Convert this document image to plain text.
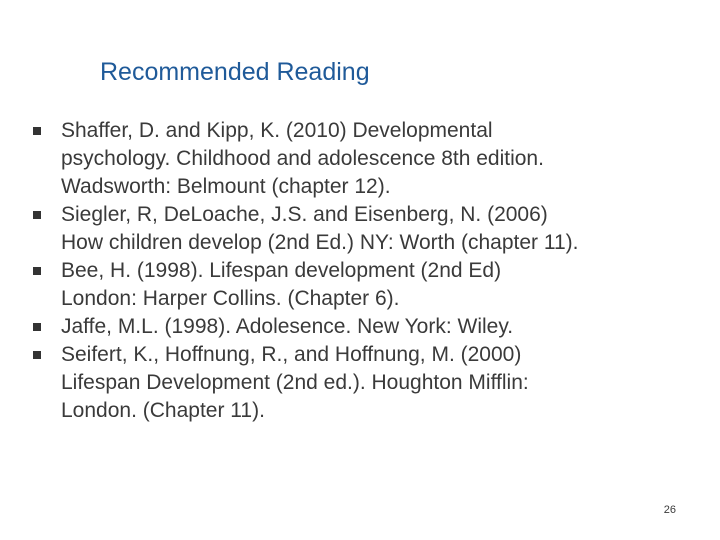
Recommended Reading
Shaffer, D. and Kipp, K. (2010) Developmental
psychology. Childhood and adolescence 8th edition.
Wadsworth: Belmount (chapter 12).
Siegler, R, DeLoache, J.S. and Eisenberg, N. (2006)
How children develop (2nd Ed.) NY: Worth (chapter 11).
Bee, H. (1998). Lifespan development (2nd Ed)
London: Harper Collins. (Chapter 6).
Jaffe, M.L. (1998). Adolesence. New York: Wiley.
Seifert, K., Hoffnung, R., and Hoffnung, M. (2000)
Lifespan Development (2nd ed.). Houghton Mifflin:
London. (Chapter 11).
26
